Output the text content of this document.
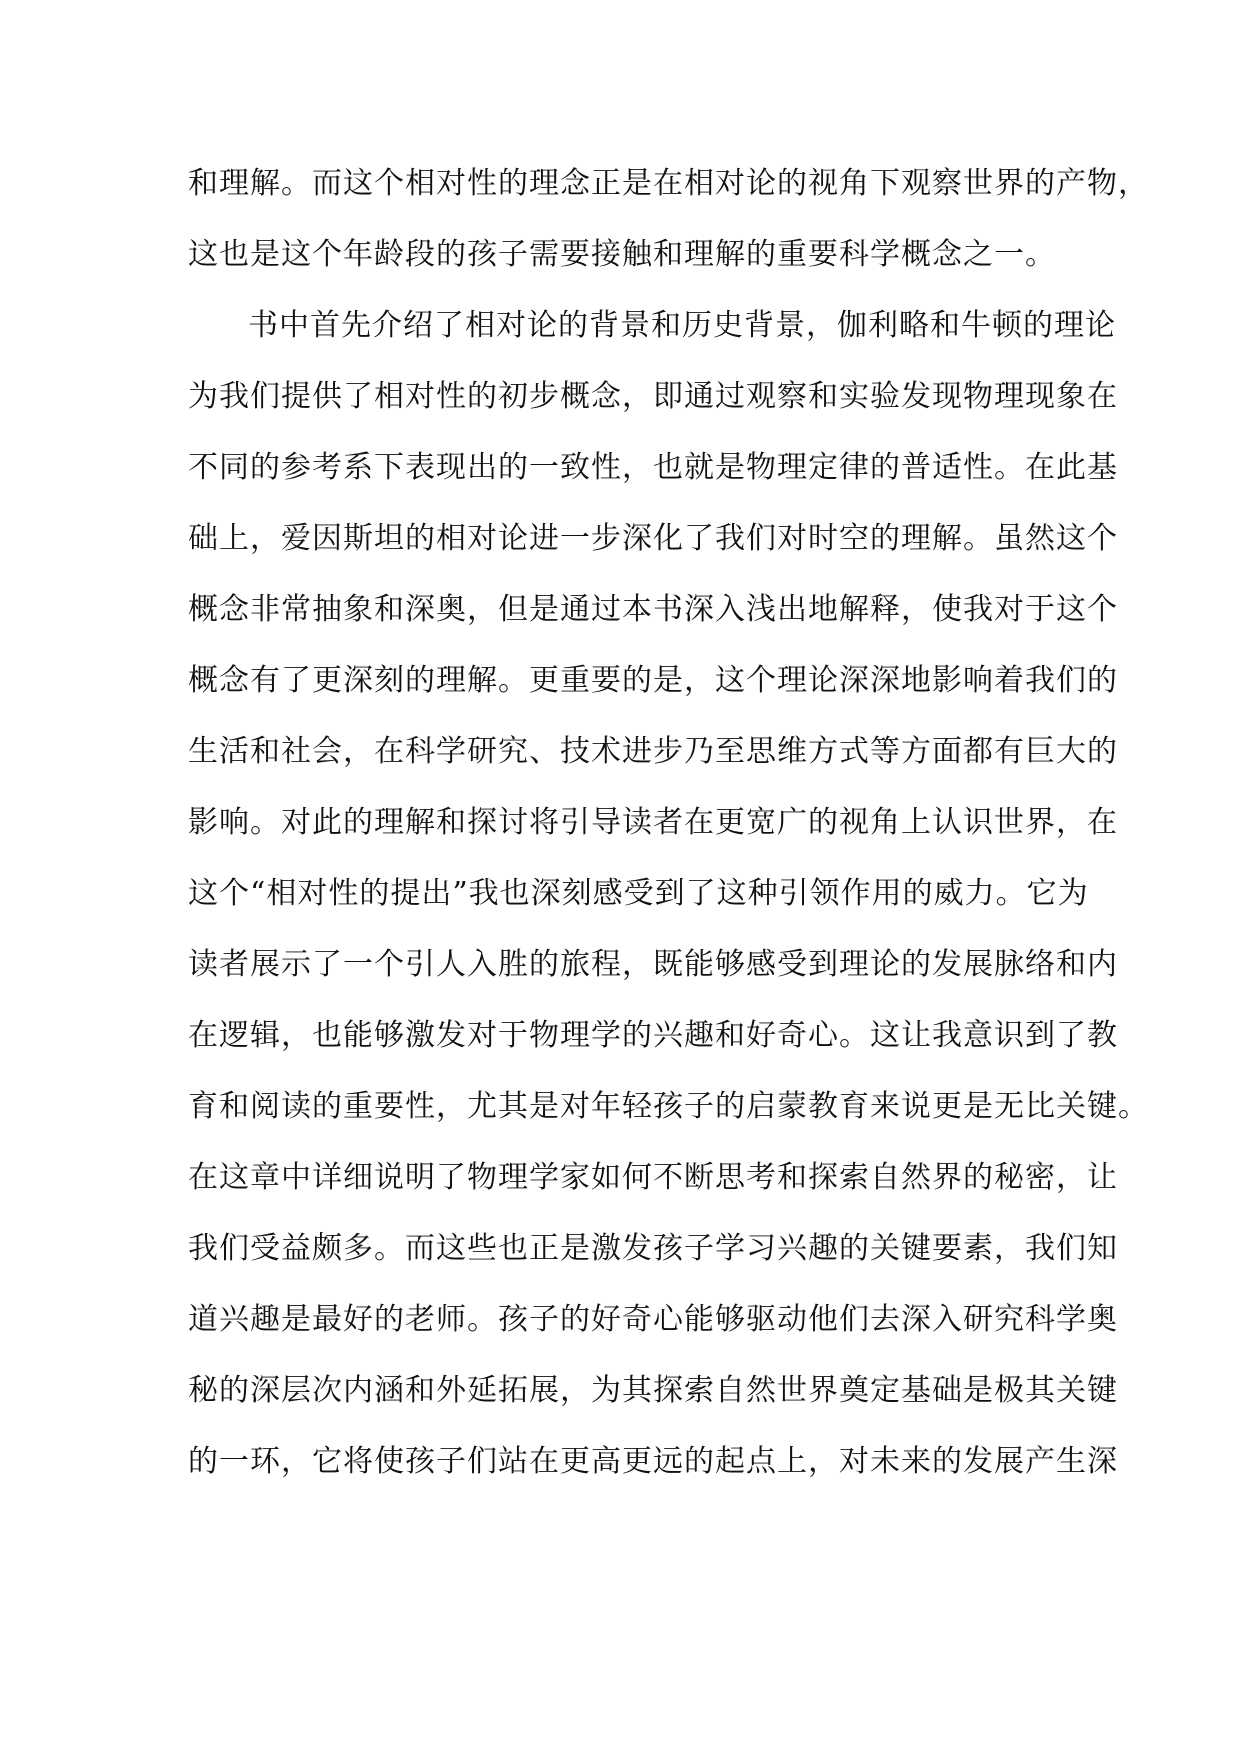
和理解。而这个相对性的理念正是在相对论的视角下观察世界的产物，
这也是这个年龄段的孩子需要接触和理解的重要科学概念之一。
书中首先介绍了相对论的背景和历史背景，伽利略和牛顿的理论
为我们提供了相对性的初步概念，即通过观察和实验发现物理现象在
不同的参考系下表现出的一致性，也就是物理定律的普适性。在此基
础上，爱因斯坦的相对论进一步深化了我们对时空的理解。虽然这个
概念非常抽象和深奥，但是通过本书深入浅出地解释，使我对于这个
概念有了更深刻的理解。更重要的是，这个理论深深地影响着我们的
生活和社会，在科学研究、技术进步乃至思维方式等方面都有巨大的
影响。对此的理解和探讨将引导读者在更宽广的视角上认识世界，在
这个“相对性的提出”我也深刻感受到了这种引领作用的威力。它为
读者展示了一个引人入胜的旅程，既能够感受到理论的发展脉络和内
在逻辑，也能够激发对于物理学的兴趣和好奇心。这让我意识到了教
育和阅读的重要性，尤其是对年轻孩子的启蒙教育来说更是无比关键。
在这章中详细说明了物理学家如何不断思考和探索自然界的秘密，让
我们受益颇多。而这些也正是激发孩子学习兴趣的关键要素，我们知
道兴趣是最好的老师。孩子的好奇心能够驱动他们去深入研究科学奥
秘的深层次内涵和外延拓展，为其探索自然世界奠定基础是极其关键
的一环，它将使孩子们站在更高更远的起点上，对未来的发展产生深
